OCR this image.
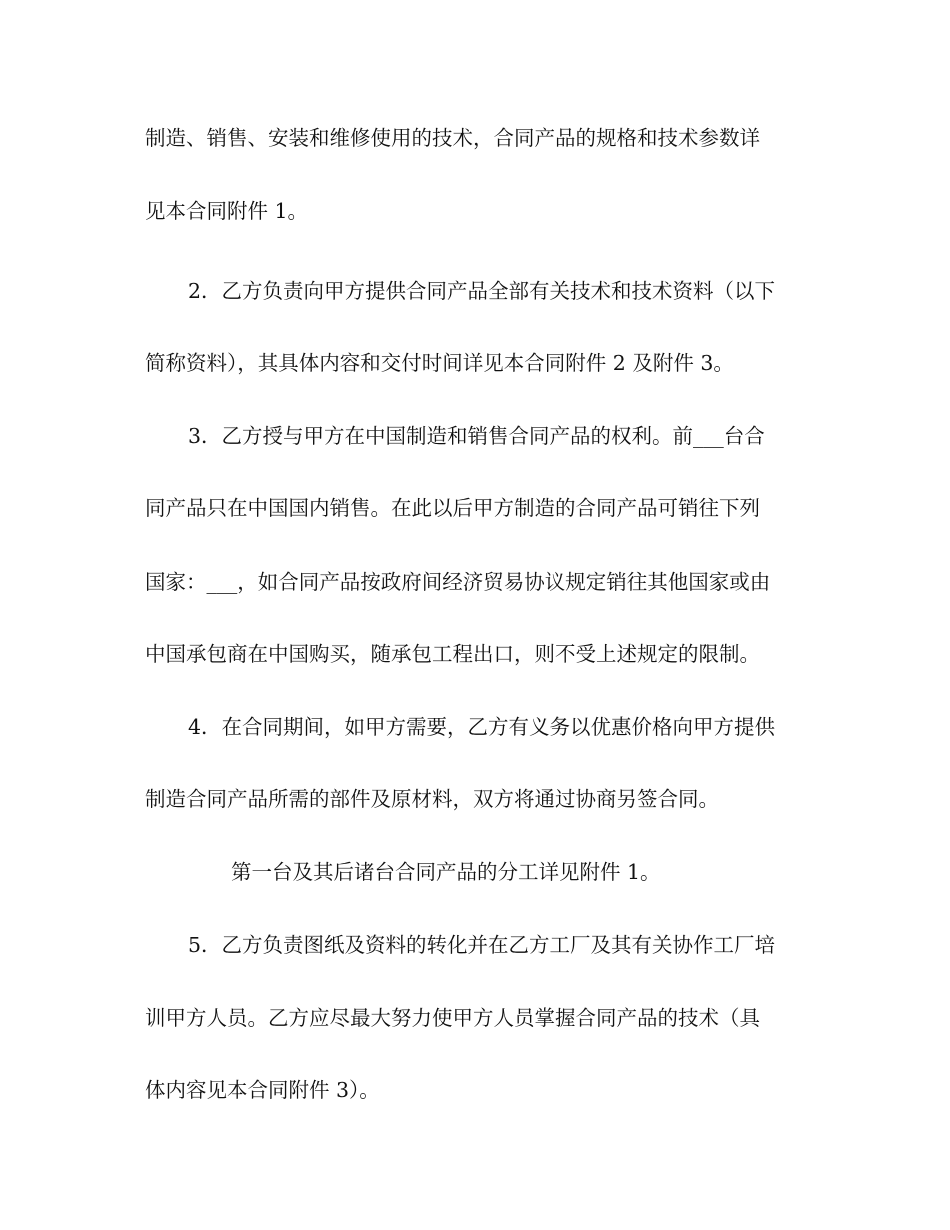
制造、销售、安装和维修使用的技术，合同产品的规格和技术参数详
见本合同附件 1。
2．乙方负责向甲方提供合同产品全部有关技术和技术资料（以下
简称资料），其具体内容和交付时间详见本合同附件 2 及附件 3。
3．乙方授与甲方在中国制造和销售合同产品的权利。前___台合
同产品只在中国国内销售。在此以后甲方制造的合同产品可销往下列
国家：___，如合同产品按政府间经济贸易协议规定销往其他国家或由
中国承包商在中国购买，随承包工程出口，则不受上述规定的限制。
4．在合同期间，如甲方需要，乙方有义务以优惠价格向甲方提供
制造合同产品所需的部件及原材料，双方将通过协商另签合同。
第一台及其后诸台合同产品的分工详见附件 1。
5．乙方负责图纸及资料的转化并在乙方工厂及其有关协作工厂培
训甲方人员。乙方应尽最大努力使甲方人员掌握合同产品的技术（具
体内容见本合同附件 3）。
